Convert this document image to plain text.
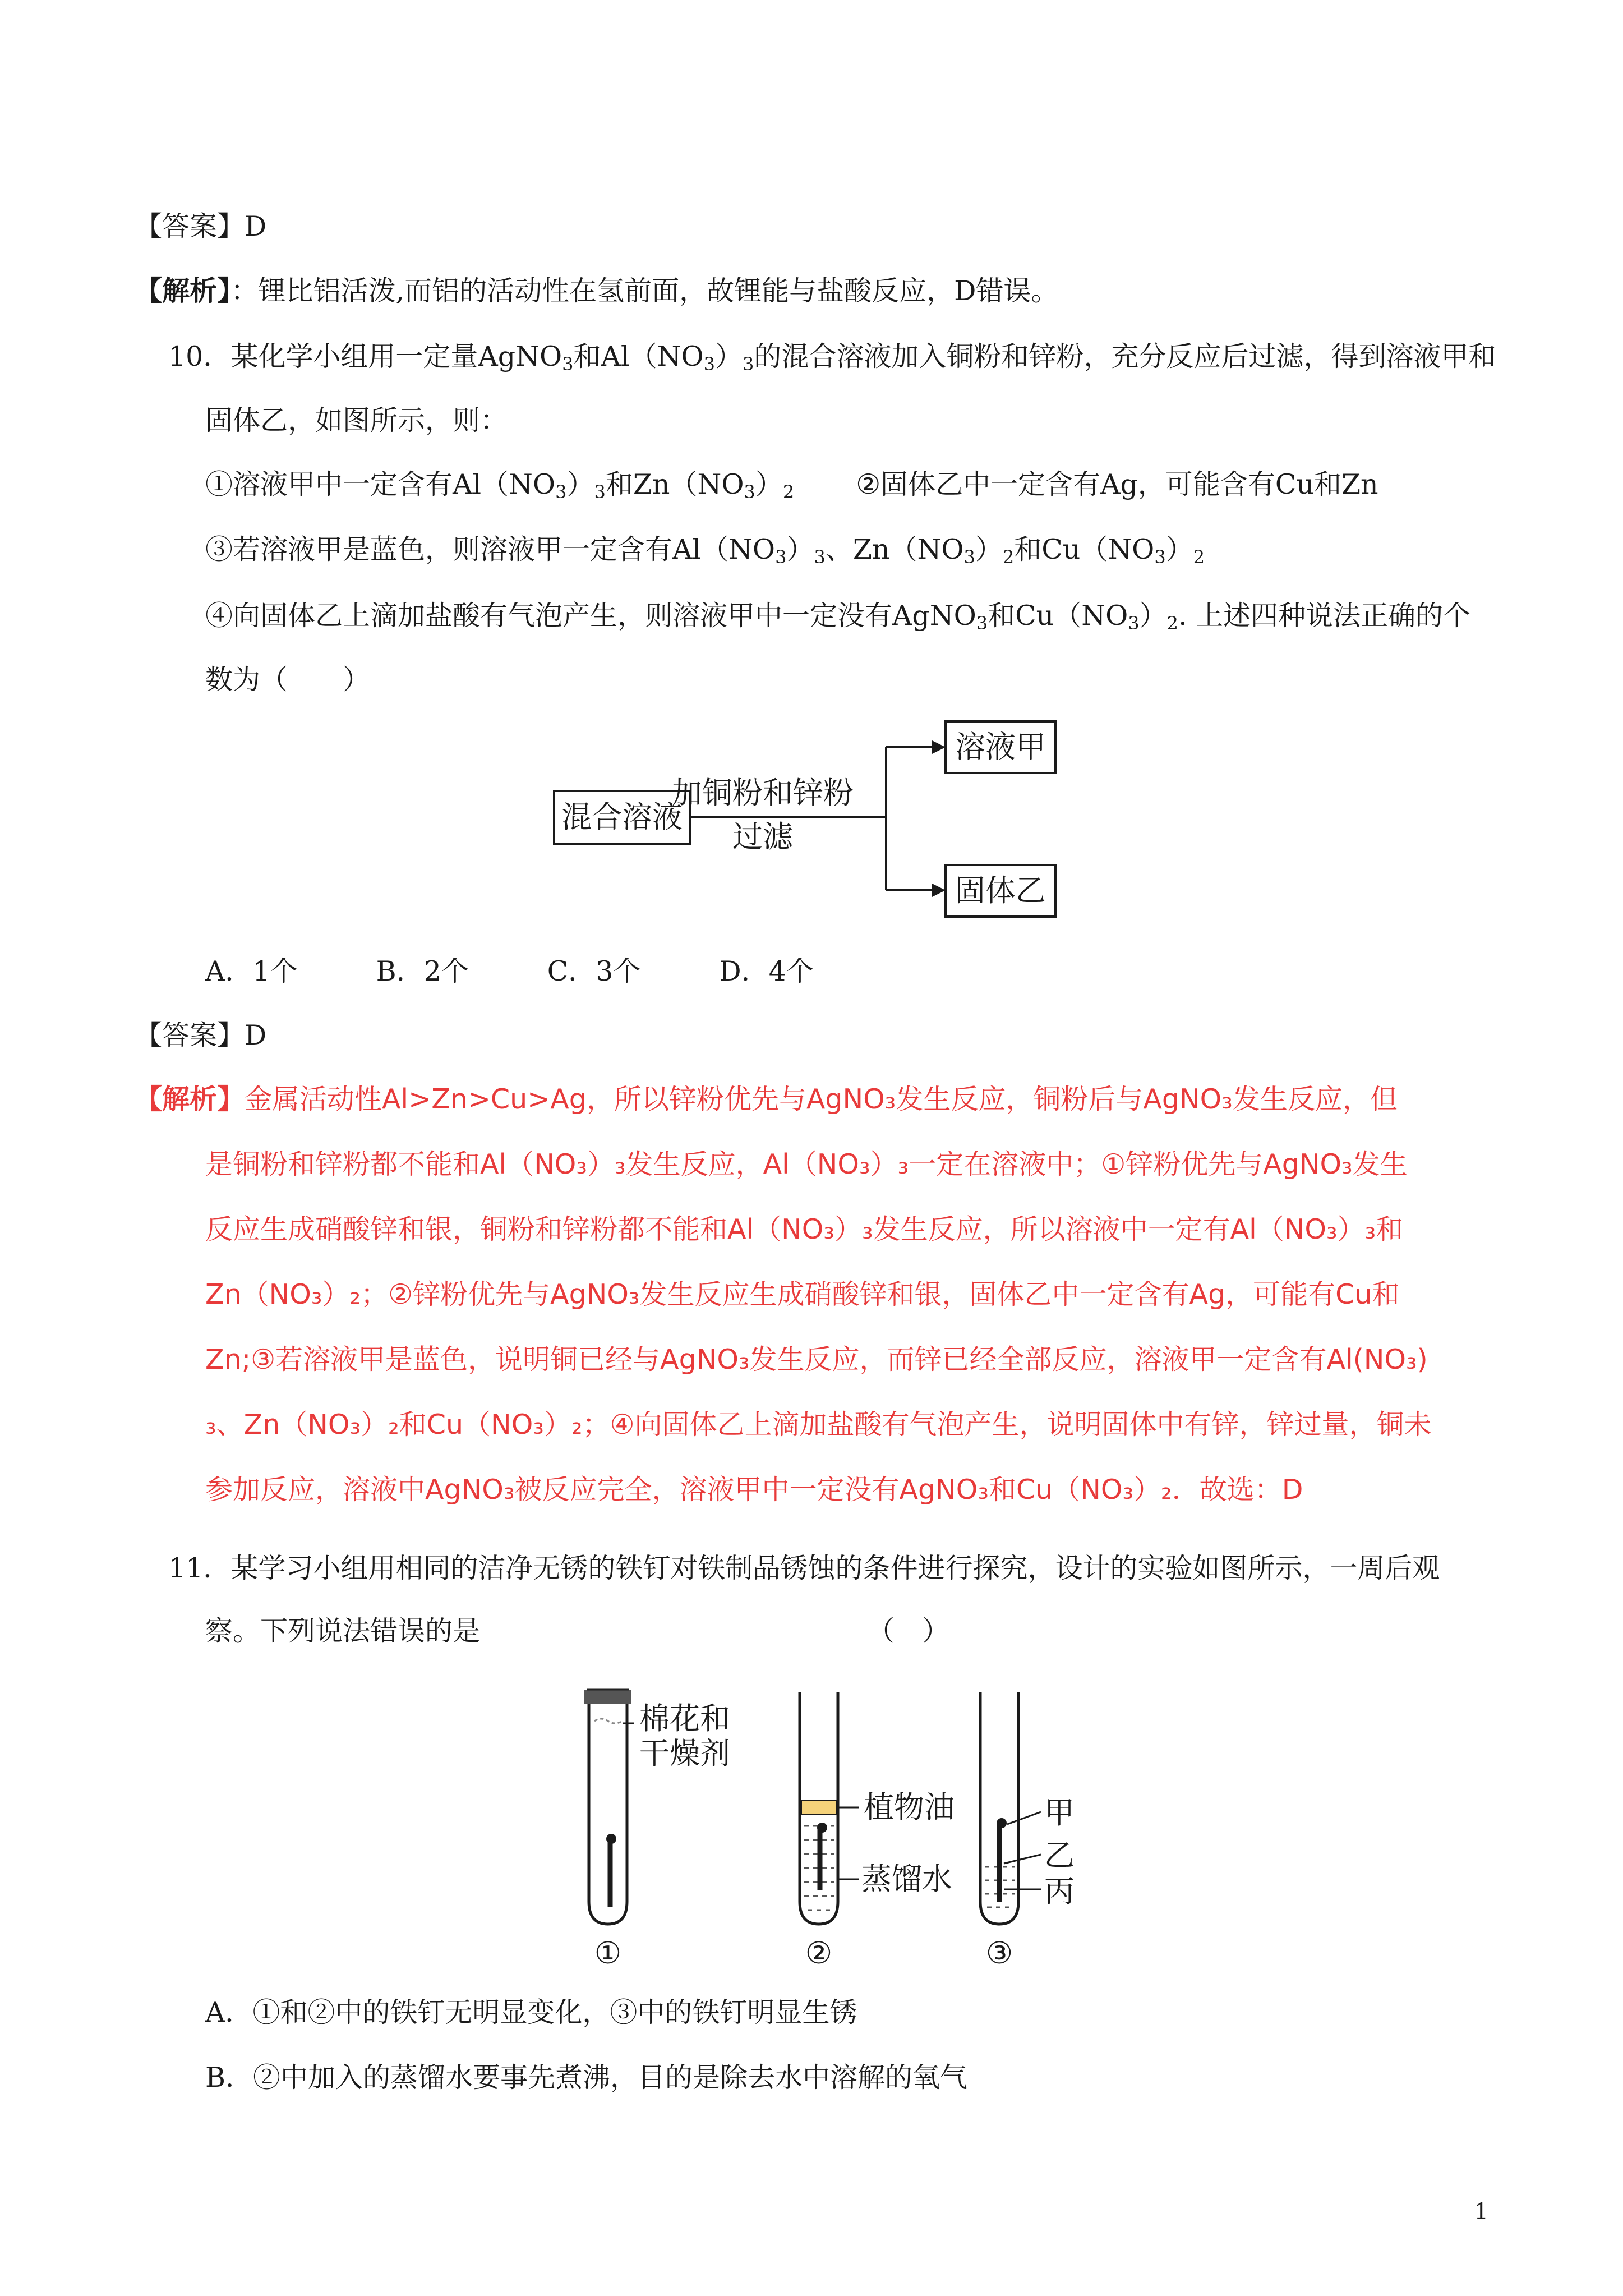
【答案】D
【解析】：锂比铝活泼,而铝的活动性在氢前面，故锂能与盐酸反应，D错误。
10．某化学小组用一定量AgNO$_3$和$Al(NO_3)_3$的混合溶液加入铜粉和锌粉，充分反应后过滤，得到溶液甲和
固体乙，如图所示，则：
①溶液甲中一定含有$Al(NO_3)_3$和$Zn(NO_3)_2$ ②固体乙中一定含有Ag，可能含有Cu和Zn
③若溶液甲是蓝色，则溶液甲一定含有$Al(NO_3)_3$、$Zn(NO_3)_2$和$Cu(NO_3)_2$
④向固体乙上滴加盐酸有气泡产生，则溶液甲中一定没有AgNO$_3$和$Cu(NO_3)_2$. 上述四种说法正确的个
数为（　　）
混合溶液
加铜粉和锌粉
过滤
溶液甲
固体乙
A．1个	B．2个	C．3个	D．4个
【答案】D
【解析】金属活动性Al>Zn>Cu>Ag，所以锌粉优先与AgNO₃发生反应，铜粉后与AgNO₃发生反应，但
是铜粉和锌粉都不能和Al（NO₃）₃发生反应，Al（NO₃）₃一定在溶液中；①锌粉优先与AgNO₃发生
反应生成硝酸锌和银，铜粉和锌粉都不能和Al（NO₃）₃发生反应，所以溶液中一定有Al（NO₃）₃和
Zn（NO₃）₂；②锌粉优先与AgNO₃发生反应生成硝酸锌和银，固体乙中一定含有Ag，可能有Cu和
Zn;③若溶液甲是蓝色，说明铜已经与AgNO₃发生反应，而锌已经全部反应，溶液甲一定含有Al(NO₃)
₃、Zn（NO₃）₂和Cu（NO₃）₂；④向固体乙上滴加盐酸有气泡产生，说明固体中有锌，锌过量，铜未
参加反应，溶液中AgNO₃被反应完全，溶液甲中一定没有AgNO₃和Cu（NO₃）₂．故选：D
11．某学习小组用相同的洁净无锈的铁钉对铁制品锈蚀的条件进行探究，设计的实验如图所示，一周后观
察。下列说法错误的是	（　）
棉花和
干燥剂
①
植物油
蒸馏水
②
甲
乙
丙
③
A．①和②中的铁钉无明显变化，③中的铁钉明显生锈
B．②中加入的蒸馏水要事先煮沸，目的是除去水中溶解的氧气
1
